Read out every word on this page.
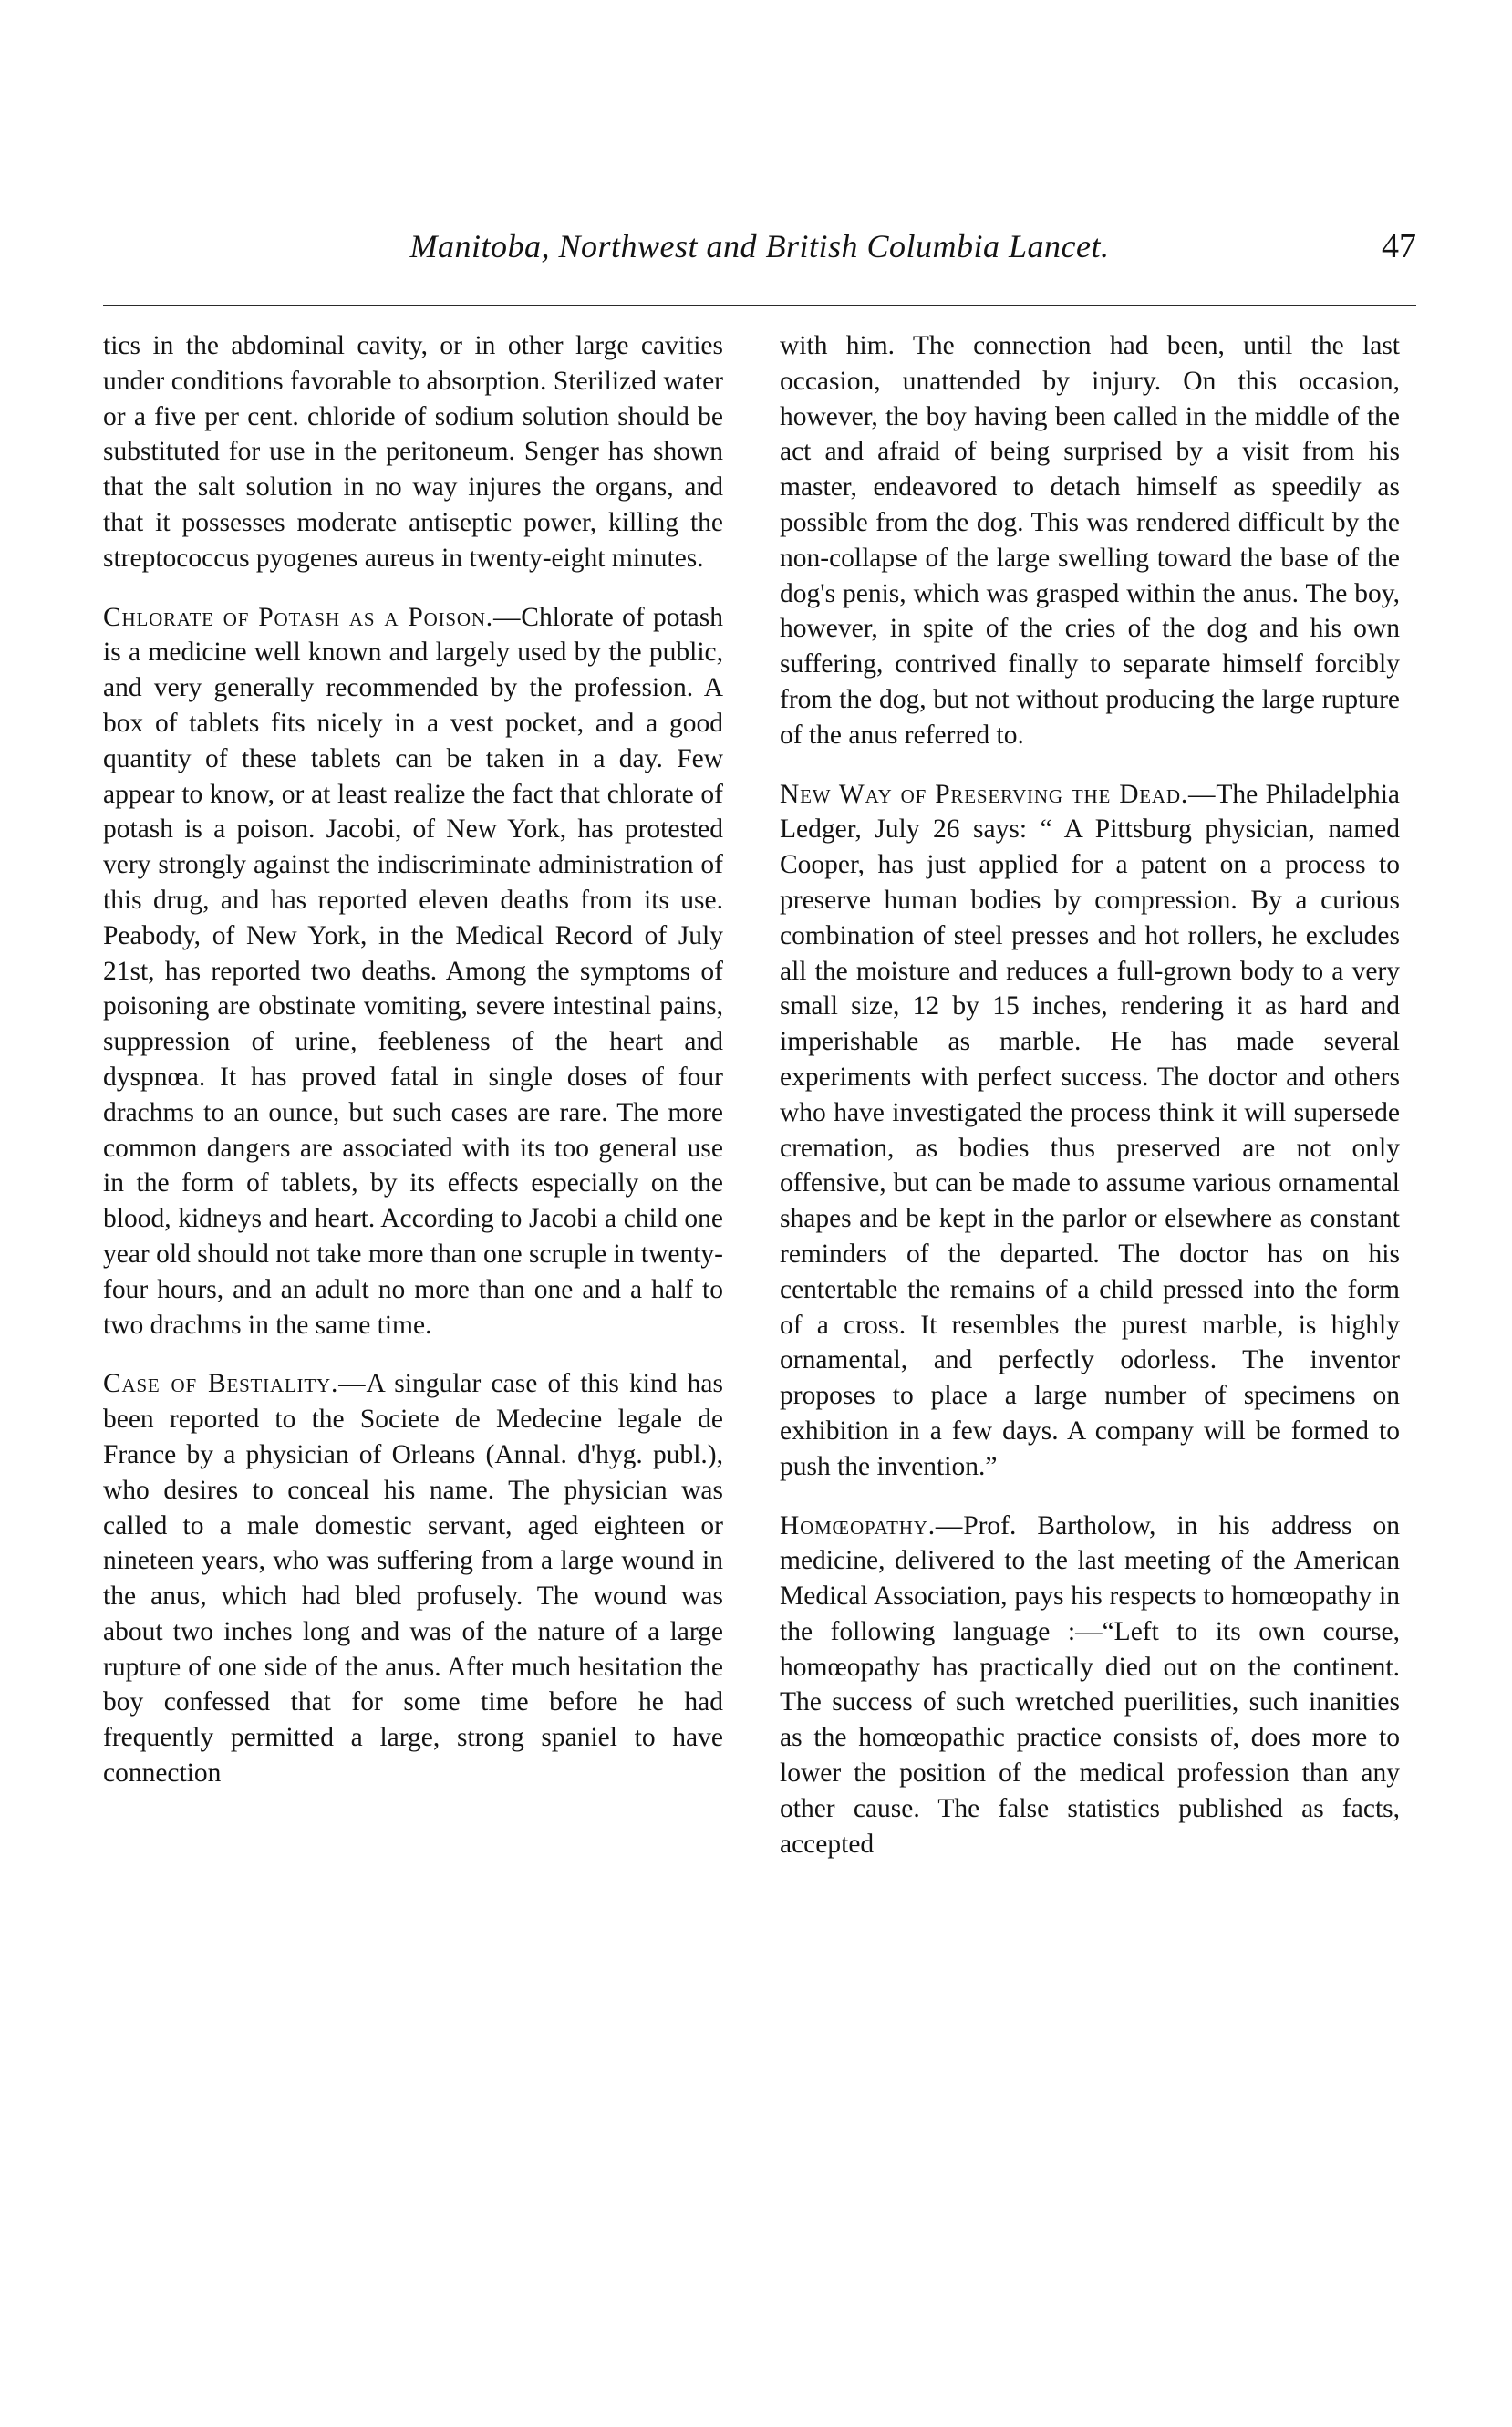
Manitoba, Northwest and British Columbia Lancet.	47

tics in the abdominal cavity, or in other large cavities under conditions favorable to absorption. Sterilized water or a five per cent. chloride of sodium solution should be substituted for use in the peritoneum. Senger has shown that the salt solution in no way injures the organs, and that it possesses moderate antiseptic power, killing the streptococcus pyogenes aureus in twenty-eight minutes.

Chlorate of Potash as a Poison.—Chlorate of potash is a medicine well known and largely used by the public, and very generally recommended by the profession. A box of tablets fits nicely in a vest pocket, and a good quantity of these tablets can be taken in a day. Few appear to know, or at least realize the fact that chlorate of potash is a poison. Jacobi, of New York, has protested very strongly against the indiscriminate administration of this drug, and has reported eleven deaths from its use. Peabody, of New York, in the Medical Record of July 21st, has reported two deaths. Among the symptoms of poisoning are obstinate vomiting, severe intestinal pains, suppression of urine, feebleness of the heart and dyspnœa. It has proved fatal in single doses of four drachms to an ounce, but such cases are rare. The more common dangers are associated with its too general use in the form of tablets, by its effects especially on the blood, kidneys and heart. According to Jacobi a child one year old should not take more than one scruple in twenty-four hours, and an adult no more than one and a half to two drachms in the same time.

Case of Bestiality.—A singular case of this kind has been reported to the Societe de Medecine legale de France by a physician of Orleans (Annal. d'hyg. publ.), who desires to conceal his name. The physician was called to a male domestic servant, aged eighteen or nineteen years, who was suffering from a large wound in the anus, which had bled profusely. The wound was about two inches long and was of the nature of a large rupture of one side of the anus. After much hesitation the boy confessed that for some time before he had frequently permitted a large, strong spaniel to have connection

with him. The connection had been, until the last occasion, unattended by injury. On this occasion, however, the boy having been called in the middle of the act and afraid of being surprised by a visit from his master, endeavored to detach himself as speedily as possible from the dog. This was rendered difficult by the non-collapse of the large swelling toward the base of the dog's penis, which was grasped within the anus. The boy, however, in spite of the cries of the dog and his own suffering, contrived finally to separate himself forcibly from the dog, but not without producing the large rupture of the anus referred to.

New Way of Preserving the Dead.—The Philadelphia Ledger, July 26 says: “ A Pittsburg physician, named Cooper, has just applied for a patent on a process to preserve human bodies by compression. By a curious combination of steel presses and hot rollers, he excludes all the moisture and reduces a full-grown body to a very small size, 12 by 15 inches, rendering it as hard and imperishable as marble. He has made several experiments with perfect success. The doctor and others who have investigated the process think it will supersede cremation, as bodies thus preserved are not only offensive, but can be made to assume various ornamental shapes and be kept in the parlor or elsewhere as constant reminders of the departed. The doctor has on his centertable the remains of a child pressed into the form of a cross. It resembles the purest marble, is highly ornamental, and perfectly odorless. The inventor proposes to place a large number of specimens on exhibition in a few days. A company will be formed to push the invention.”

Homœopathy.—Prof. Bartholow, in his address on medicine, delivered to the last meeting of the American Medical Association, pays his respects to homœopathy in the following language :—“Left to its own course, homœopathy has practically died out on the continent. The success of such wretched puerilities, such inanities as the homœopathic practice consists of, does more to lower the position of the medical profession than any other cause. The false statistics published as facts, accepted
